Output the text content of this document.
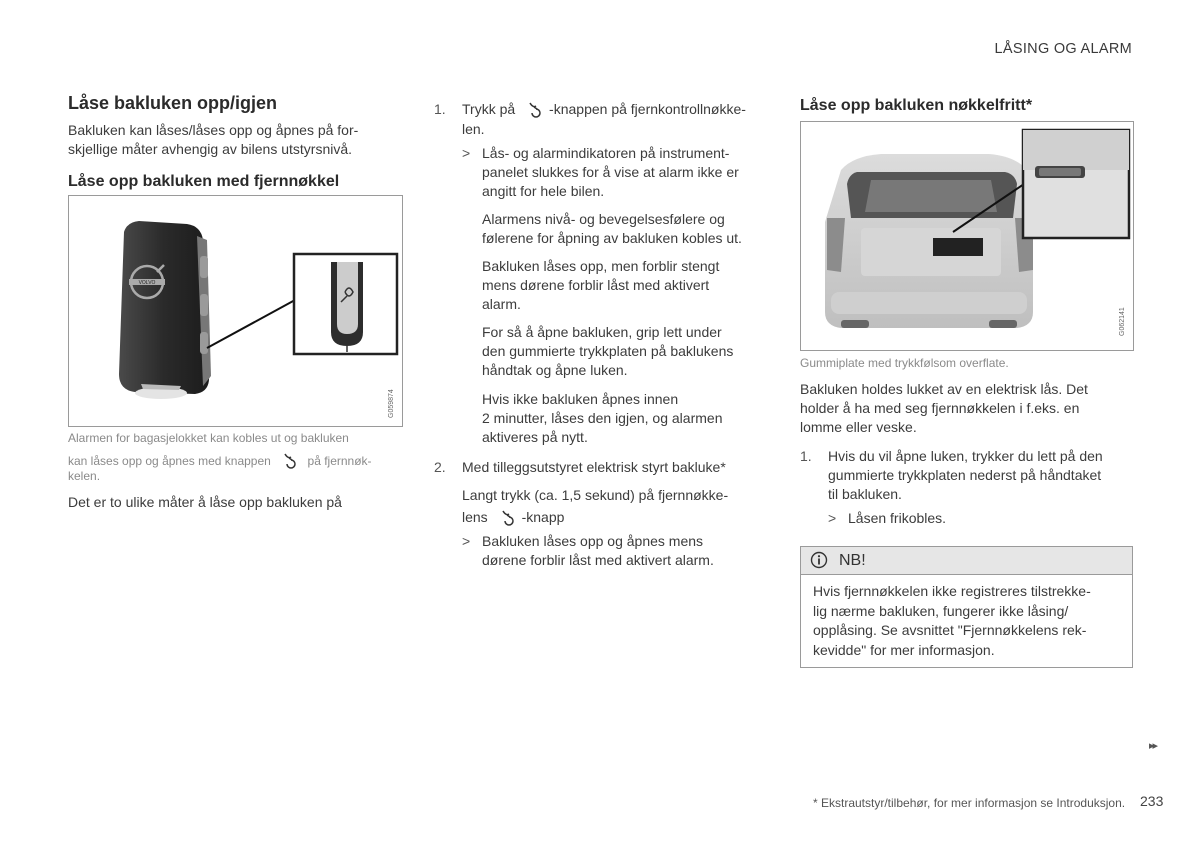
LÅSING OG ALARM
Låse bakluken opp/igjen
Bakluken kan låses/låses opp og åpnes på for-
skjellige måter avhengig av bilens utstyrsnivå.
Låse opp bakluken med fjernnøkkel
VOLVO
G059874
Alarmen for bagasjelokket kan kobles ut og bakluken
kan låses opp og åpnes med knappen	på fjernnøk-
kelen.
Det er to ulike måter å låse opp bakluken på
1. Trykk på -knappen på fjernkontrollnøkke-
len.
> Lås- og alarmindikatoren på instrument-
panelet slukkes for å vise at alarm ikke er
angitt for hele bilen.
Alarmens nivå- og bevegelsesfølere og
følerene for åpning av bakluken kobles ut.
Bakluken låses opp, men forblir stengt
mens dørene forblir låst med aktivert
alarm.
For så å åpne bakluken, grip lett under
den gummierte trykkplaten på baklukens
håndtak og åpne luken.
Hvis ikke bakluken åpnes innen
2 minutter, låses den igjen, og alarmen
aktiveres på nytt.
2. Med tilleggsutstyret elektrisk styrt bakluke*
Langt trykk (ca. 1,5 sekund) på fjernnøkke-
lens -knapp
> Bakluken låses opp og åpnes mens
dørene forblir låst med aktivert alarm.
Låse opp bakluken nøkkelfritt*
G062141
Gummiplate med trykkfølsom overflate.
Bakluken holdes lukket av en elektrisk lås. Det
holder å ha med seg fjernnøkkelen i f.eks. en
lomme eller veske.
1. Hvis du vil åpne luken, trykker du lett på den
gummierte trykkplaten nederst på håndtaket
til bakluken.
> Låsen frikobles.
NB!
Hvis fjernnøkkelen ikke registreres tilstrekke-
lig nærme bakluken, fungerer ikke låsing/
opplåsing. Se avsnittet "Fjernnøkkelens rek-
kevidde" for mer informasjon.
▸▸
* Ekstrautstyr/tilbehør, for mer informasjon se Introduksjon. 233
